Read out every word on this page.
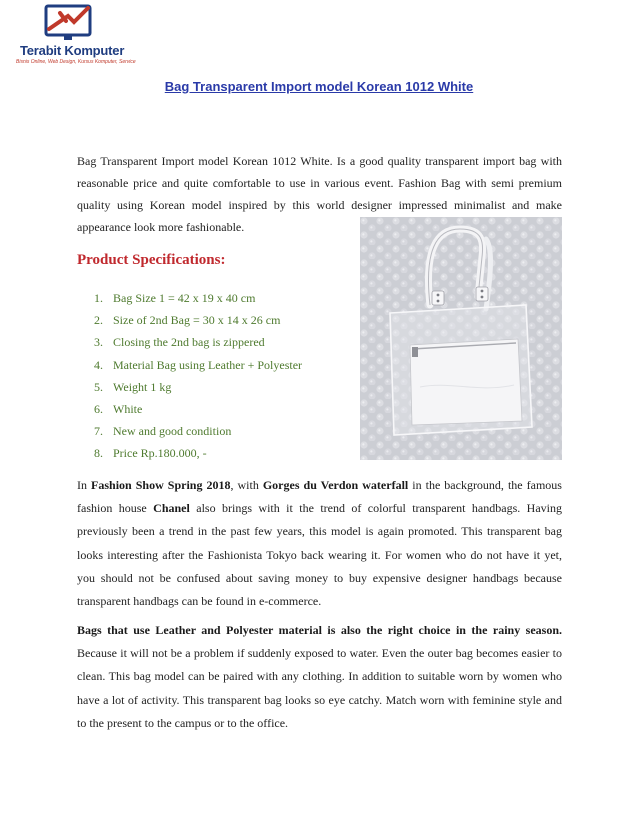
Terabit Komputer
Bisnis Online, Web Design, Kursus Komputer, Service
Bag Transparent Import model Korean 1012 White

Bag Transparent Import model Korean 1012 White. Is a good quality transparent import bag with reasonable price and quite comfortable to use in various event. Fashion Bag with semi premium quality using Korean model inspired by this world designer impressed minimalist and make appearance look more fashionable.

Product Specifications:
1. Bag Size 1 = 42 x 19 x 40 cm
2. Size of 2nd Bag = 30 x 14 x 26 cm
3. Closing the 2nd bag is zippered
4. Material Bag using Leather + Polyester
5. Weight 1 kg
6. White
7. New and good condition
8. Price Rp.180.000, -

In Fashion Show Spring 2018, with Gorges du Verdon waterfall in the background, the famous fashion house Chanel also brings with it the trend of colorful transparent handbags. Having previously been a trend in the past few years, this model is again promoted. This transparent bag looks interesting after the Fashionista Tokyo back wearing it. For women who do not have it yet, you should not be confused about saving money to buy expensive designer handbags because transparent handbags can be found in e-commerce.

Bags that use Leather and Polyester material is also the right choice in the rainy season. Because it will not be a problem if suddenly exposed to water. Even the outer bag becomes easier to clean. This bag model can be paired with any clothing. In addition to suitable worn by women who have a lot of activity. This transparent bag looks so eye catchy. Match worn with feminine style and to the present to the campus or to the office.
